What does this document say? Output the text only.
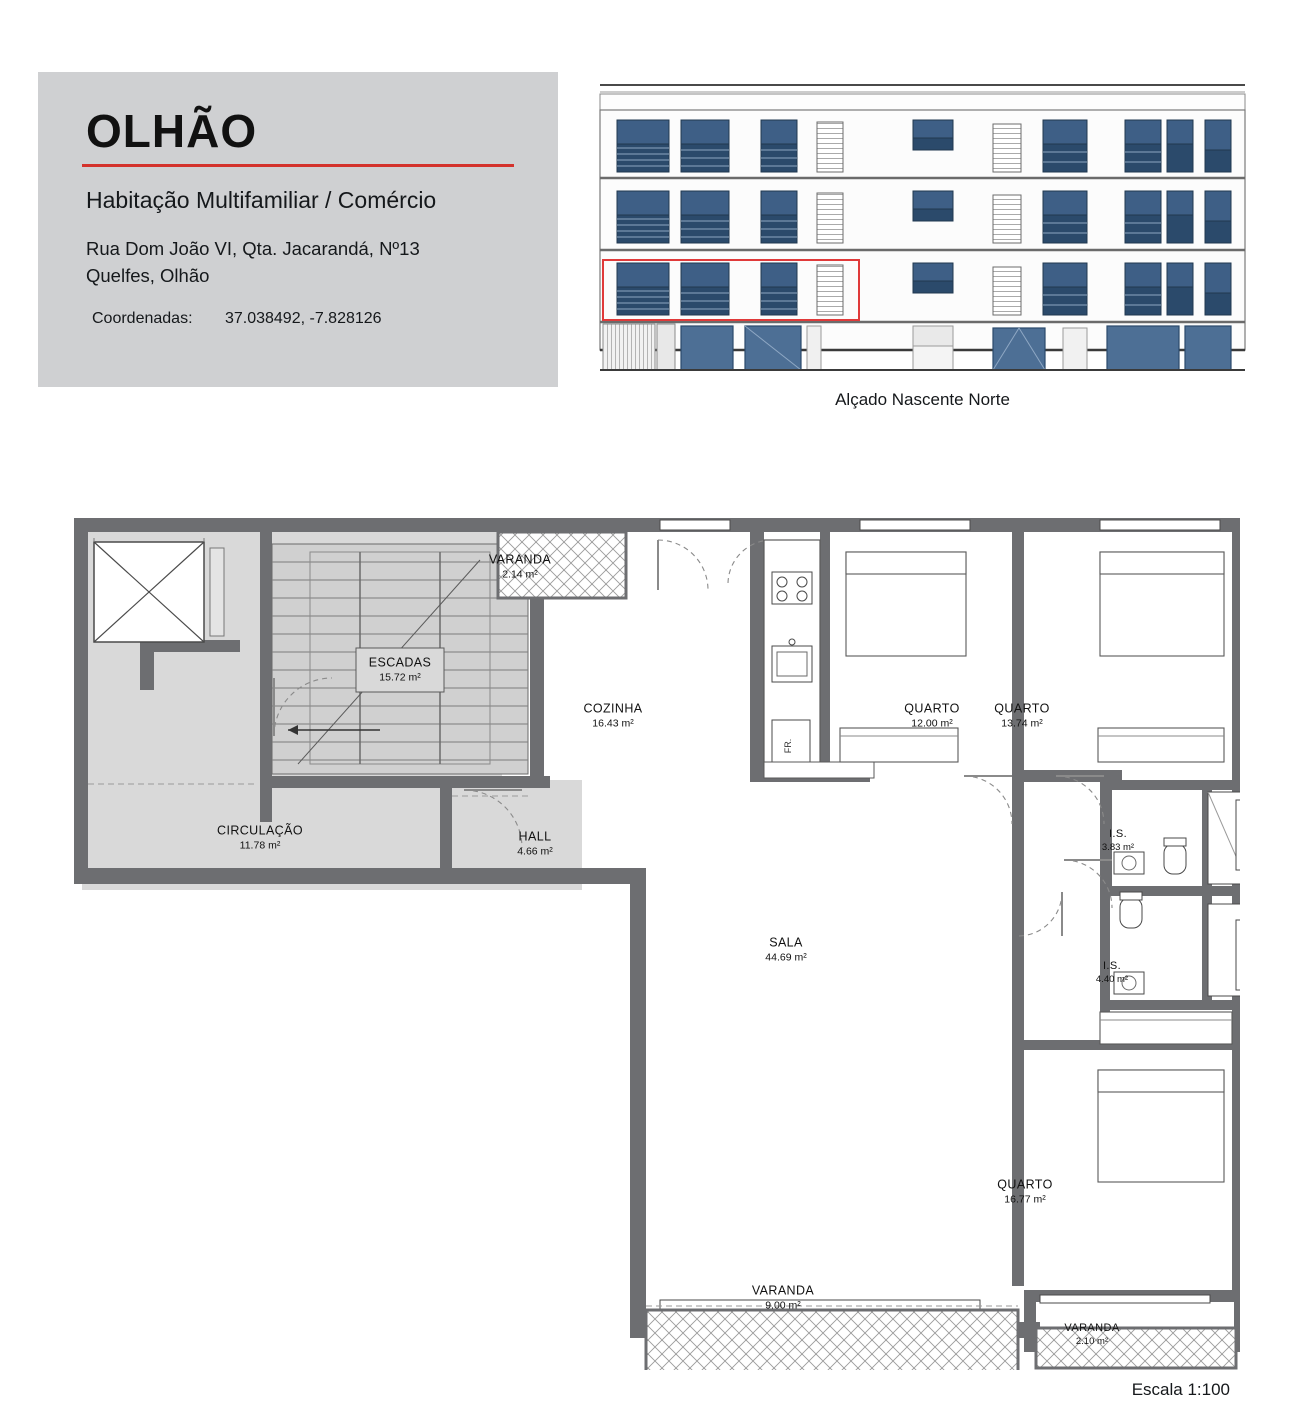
OLHÃO
Habitação Multifamiliar / Comércio
Rua Dom João VI, Qta. Jacarandá, Nº13
Quelfes, Olhão
Coordenadas: 37.038492, -7.828126
Alçado Nascente Norte
FR.
VARANDA
2.14 m²
ESCADAS
15.72 m²
COZINHA
16.43 m²
QUARTO
12.00 m²
QUARTO
13.74 m²
CIRCULAÇÃO
11.78 m²
HALL
4.66 m²
I.S.
3.83 m²
SALA
44.69 m²
I.S.
4.40 m²
QUARTO
16.77 m²
VARANDA
9.00 m²
VARANDA
2.10 m²
Escala 1:100
